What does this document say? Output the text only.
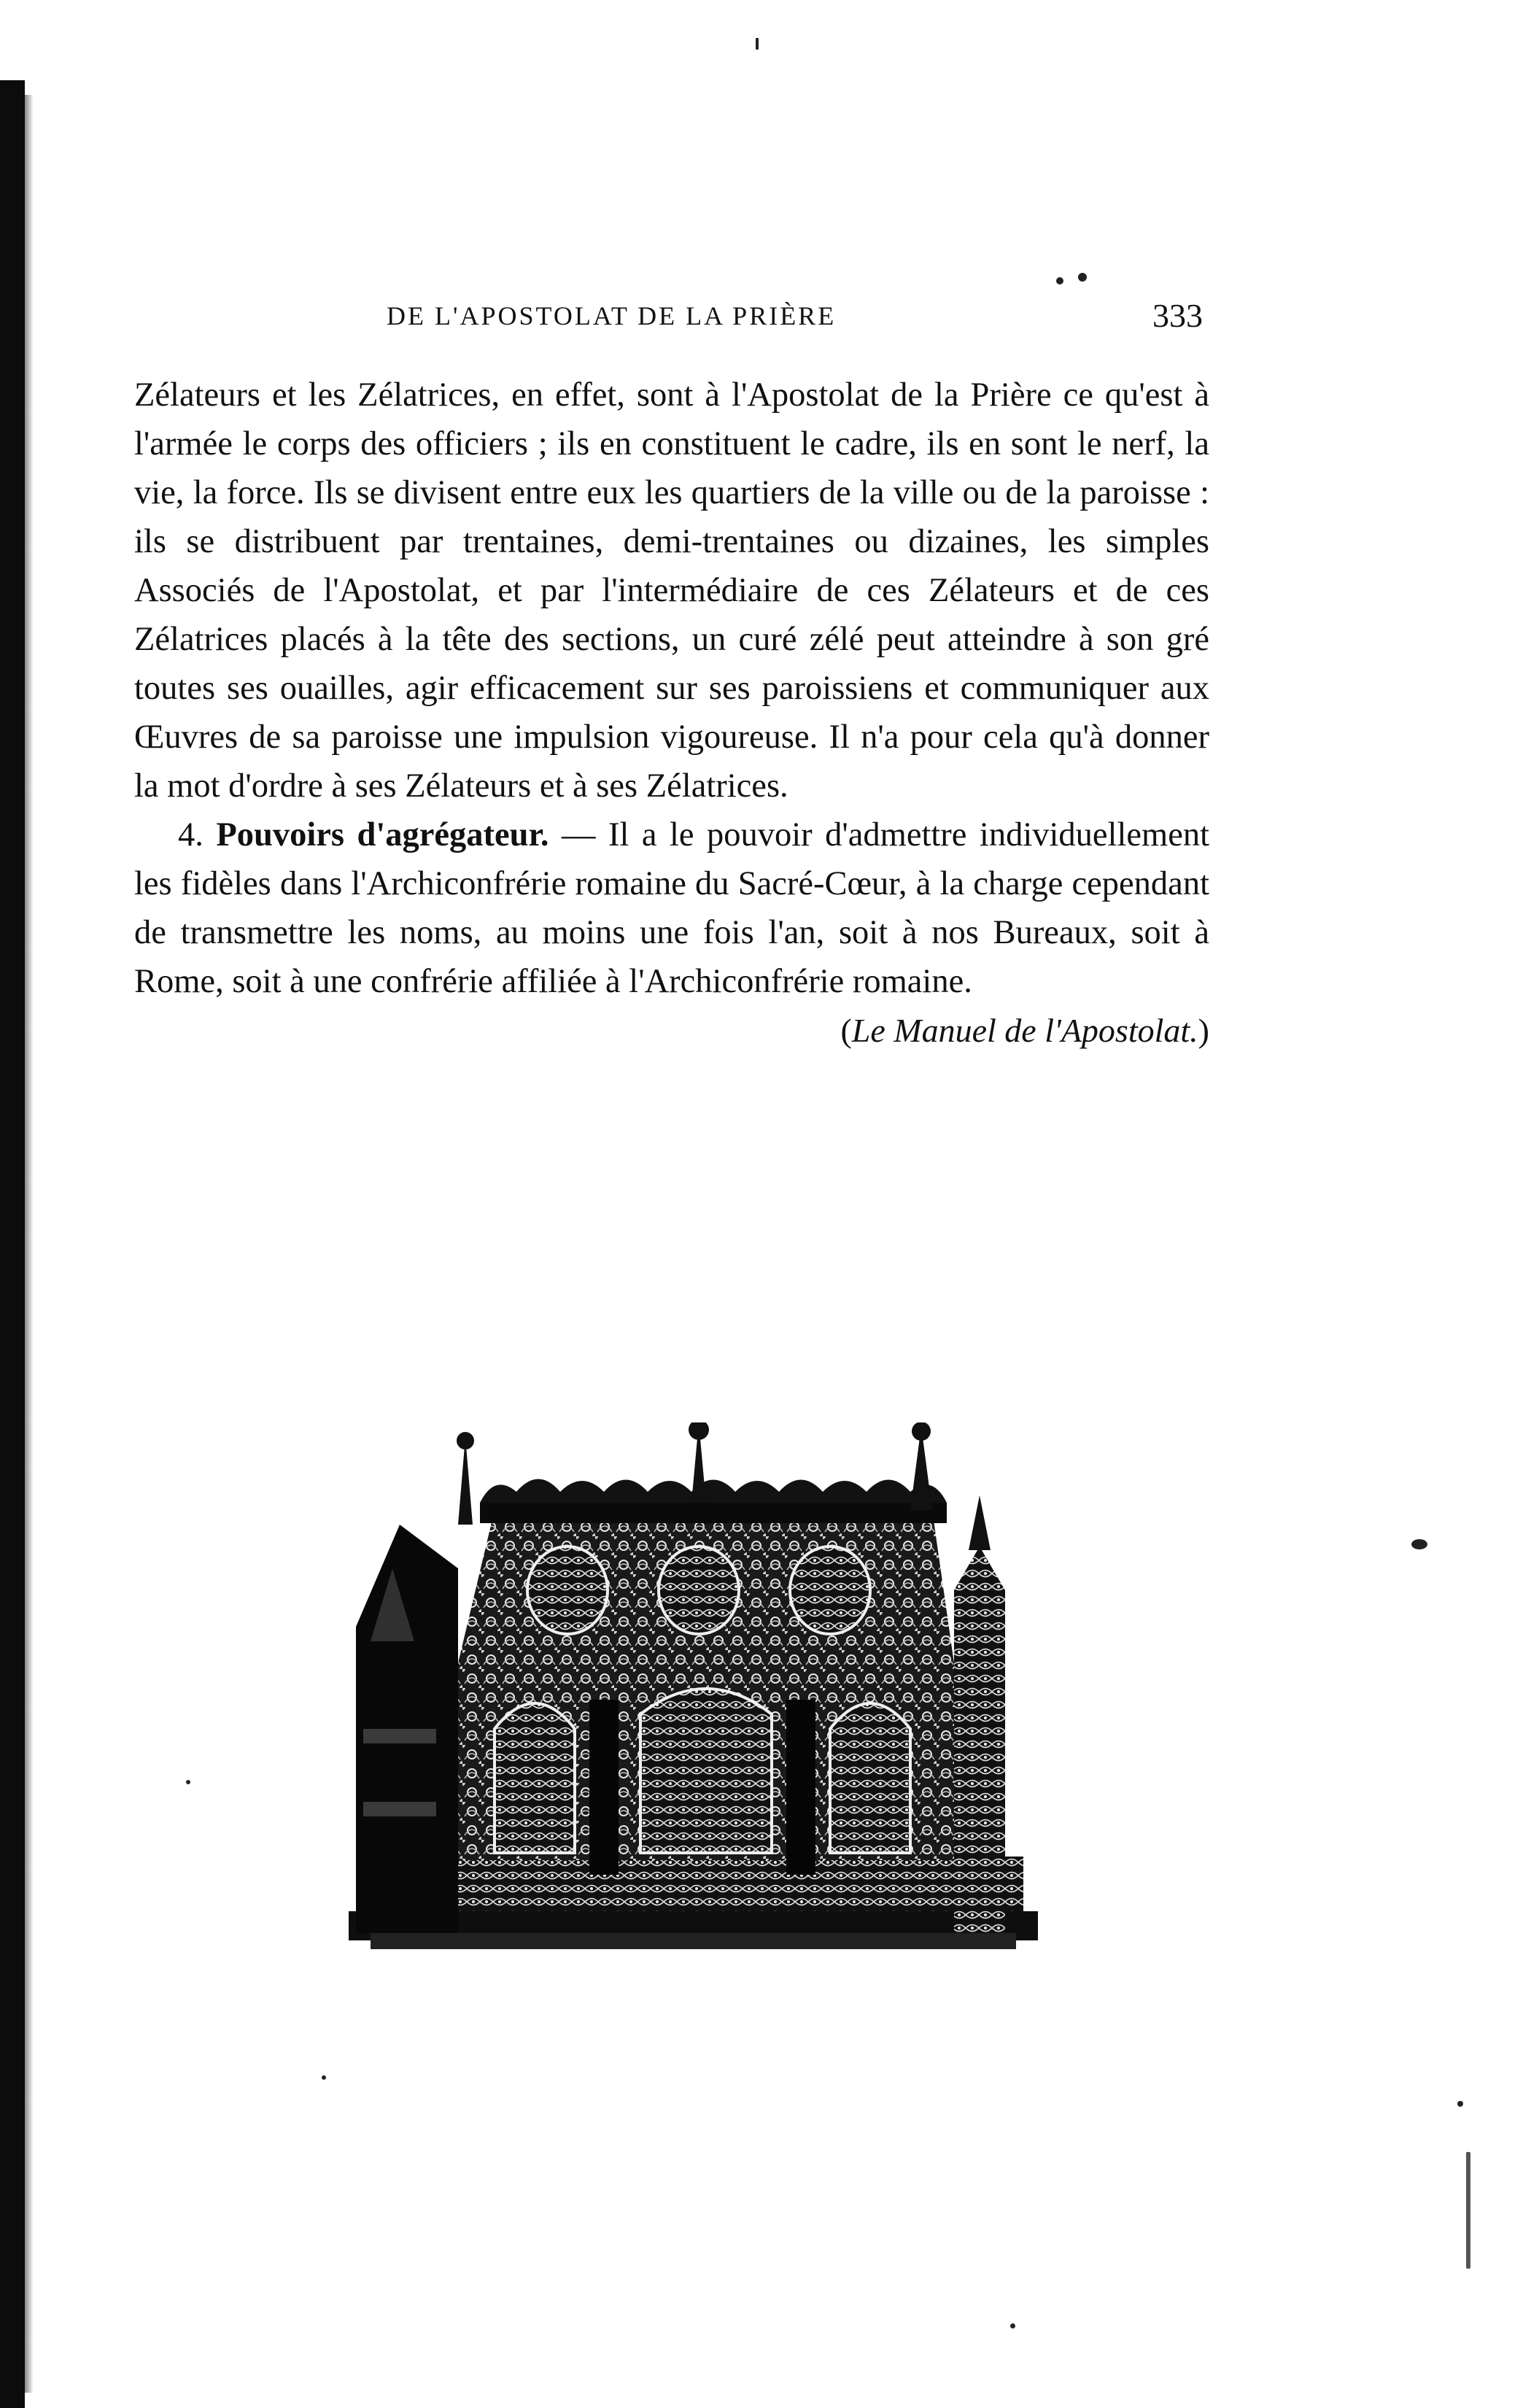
DE L'APOSTOLAT DE LA PRIÈRE	333

Zélateurs et les Zélatrices, en effet, sont à l'Apostolat de la Prière ce qu'est à l'armée le corps des officiers ; ils en constituent le cadre, ils en sont le nerf, la vie, la force. Ils se divisent entre eux les quartiers de la ville ou de la paroisse : ils se distribuent par trentaines, demi-trentaines ou dizaines, les simples Associés de l'Apostolat, et par l'intermédiaire de ces Zélateurs et de ces Zélatrices placés à la tête des sections, un curé zélé peut atteindre à son gré toutes ses ouailles, agir efficacement sur ses paroissiens et communiquer aux Œuvres de sa paroisse une impulsion vigoureuse. Il n'a pour cela qu'à donner la mot d'ordre à ses Zélateurs et à ses Zélatrices.

4. Pouvoirs d'agrégateur. — Il a le pouvoir d'admettre individuellement les fidèles dans l'Archiconfrérie romaine du Sacré-Cœur, à la charge cependant de transmettre les noms, au moins une fois l'an, soit à nos Bureaux, soit à Rome, soit à une confrérie affiliée à l'Archiconfrérie romaine.

(Le Manuel de l'Apostolat.)
